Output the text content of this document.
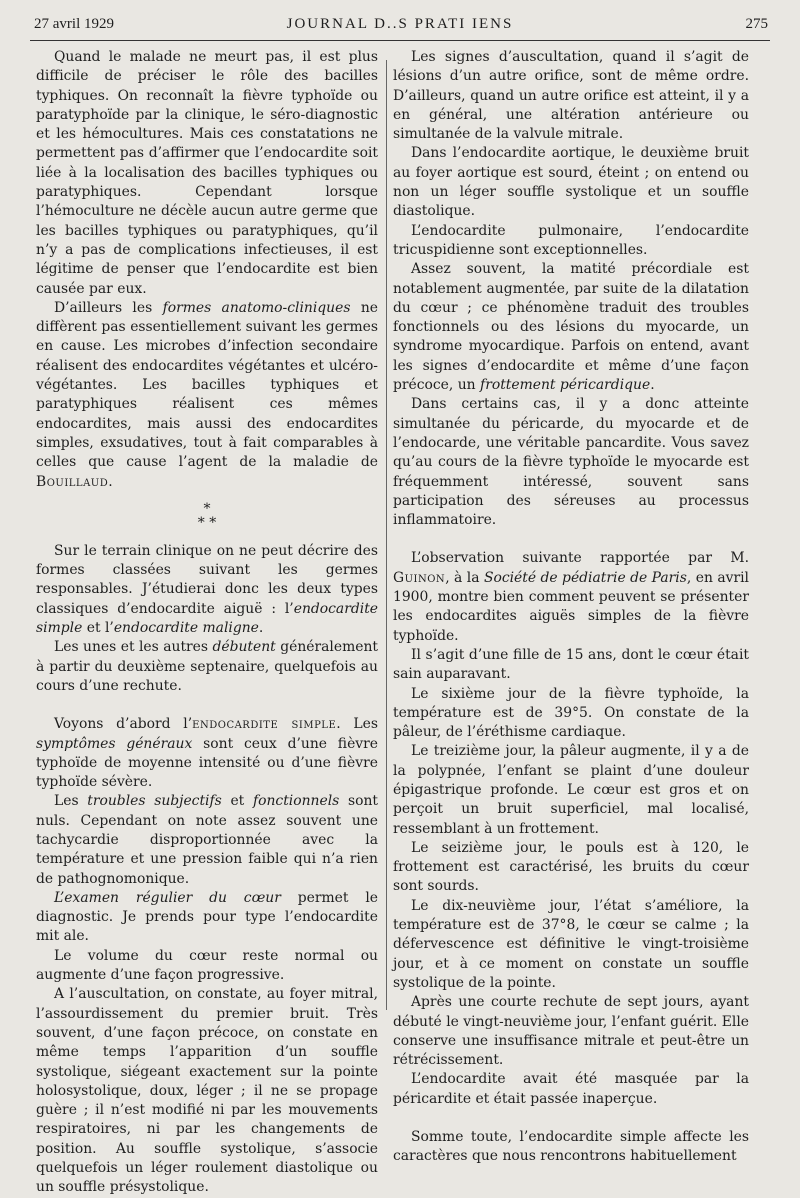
27 avril 1929	JOURNAL D..S PRATI IENS	275

Quand le malade ne meurt pas, il est plus difficile de préciser le rôle des bacilles typhiques. On reconnaît la fièvre typhoïde ou paratyphoïde par la clinique, le séro-diagnostic et les hémocultures. Mais ces constatations ne permettent pas d’affirmer que l’endocardite soit liée à la localisation des bacilles typhiques ou paratyphiques. Cependant lorsque l’hémoculture ne décèle aucun autre germe que les bacilles typhiques ou paratyphiques, qu’il n’y a pas de complications infectieuses, il est légitime de penser que l’endocardite est bien causée par eux.

D’ailleurs les formes anatomo-cliniques ne diffèrent pas essentiellement suivant les germes en cause. Les microbes d’infection secondaire réalisent des endocardites végétantes et ulcéro-végétantes. Les bacilles typhiques et paratyphiques réalisent ces mêmes endocardites, mais aussi des endocardites simples, exsudatives, tout à fait comparables à celles que cause l’agent de la maladie de Bouillaud.

*
* *

Sur le terrain clinique on ne peut décrire des formes classées suivant les germes responsables. J’étudierai donc les deux types classiques d’endocardite aiguë : l’endocardite simple et l’endocardite maligne.

Les unes et les autres débutent généralement à partir du deuxième septenaire, quelquefois au cours d’une rechute.

Voyons d’abord l’endocardite simple. Les symptômes généraux sont ceux d’une fièvre typhoïde de moyenne intensité ou d’une fièvre typhoïde sévère.

Les troubles subjectifs et fonctionnels sont nuls. Cependant on note assez souvent une tachycardie disproportionnée avec la température et une pression faible qui n’a rien de pathognomonique.

L’examen régulier du cœur permet le diagnostic. Je prends pour type l’endocardite mit ale.

Le volume du cœur reste normal ou augmente d’une façon progressive.

A l’auscultation, on constate, au foyer mitral, l’assourdissement du premier bruit. Très souvent, d’une façon précoce, on constate en même temps l’apparition d’un souffle systolique, siégeant exactement sur la pointe holosystolique, doux, léger ; il ne se propage guère ; il n’est modifié ni par les mouvements respiratoires, ni par les changements de position. Au souffle systolique, s’associe quelquefois un léger roulement diastolique ou un souffle présystolique.

Les signes d’auscultation, quand il s’agit de lésions d’un autre orifice, sont de même ordre. D’ailleurs, quand un autre orifice est atteint, il y a en général, une altération antérieure ou simultanée de la valvule mitrale.

Dans l’endocardite aortique, le deuxième bruit au foyer aortique est sourd, éteint ; on entend ou non un léger souffle systolique et un souffle diastolique.

L’endocardite pulmonaire, l’endocardite tricuspidienne sont exceptionnelles.

Assez souvent, la matité précordiale est notablement augmentée, par suite de la dilatation du cœur ; ce phénomène traduit des troubles fonctionnels ou des lésions du myocarde, un syndrome myocardique. Parfois on entend, avant les signes d’endocardite et même d’une façon précoce, un frottement péricardique.

Dans certains cas, il y a donc atteinte simultanée du péricarde, du myocarde et de l’endocarde, une véritable pancardite. Vous savez qu’au cours de la fièvre typhoïde le myocarde est fréquemment intéressé, souvent sans participation des séreuses au processus inflammatoire.

L’observation suivante rapportée par M. Guinon, à la Société de pédiatrie de Paris, en avril 1900, montre bien comment peuvent se présenter les endocardites aiguës simples de la fièvre typhoïde.

Il s’agit d’une fille de 15 ans, dont le cœur était sain auparavant.

Le sixième jour de la fièvre typhoïde, la température est de 39°5. On constate de la pâleur, de l’éréthisme cardiaque.

Le treizième jour, la pâleur augmente, il y a de la polypnée, l’enfant se plaint d’une douleur épigastrique profonde. Le cœur est gros et on perçoit un bruit superficiel, mal localisé, ressemblant à un frottement.

Le seizième jour, le pouls est à 120, le frottement est caractérisé, les bruits du cœur sont sourds.

Le dix-neuvième jour, l’état s’améliore, la température est de 37°8, le cœur se calme ; la défervescence est définitive le vingt-troisième jour, et à ce moment on constate un souffle systolique de la pointe.

Après une courte rechute de sept jours, ayant débuté le vingt-neuvième jour, l’enfant guérit. Elle conserve une insuffisance mitrale et peut-être un rétrécissement.

L’endocardite avait été masquée par la péricardite et était passée inaperçue.

Somme toute, l’endocardite simple affecte les caractères que nous rencontrons habituellement
